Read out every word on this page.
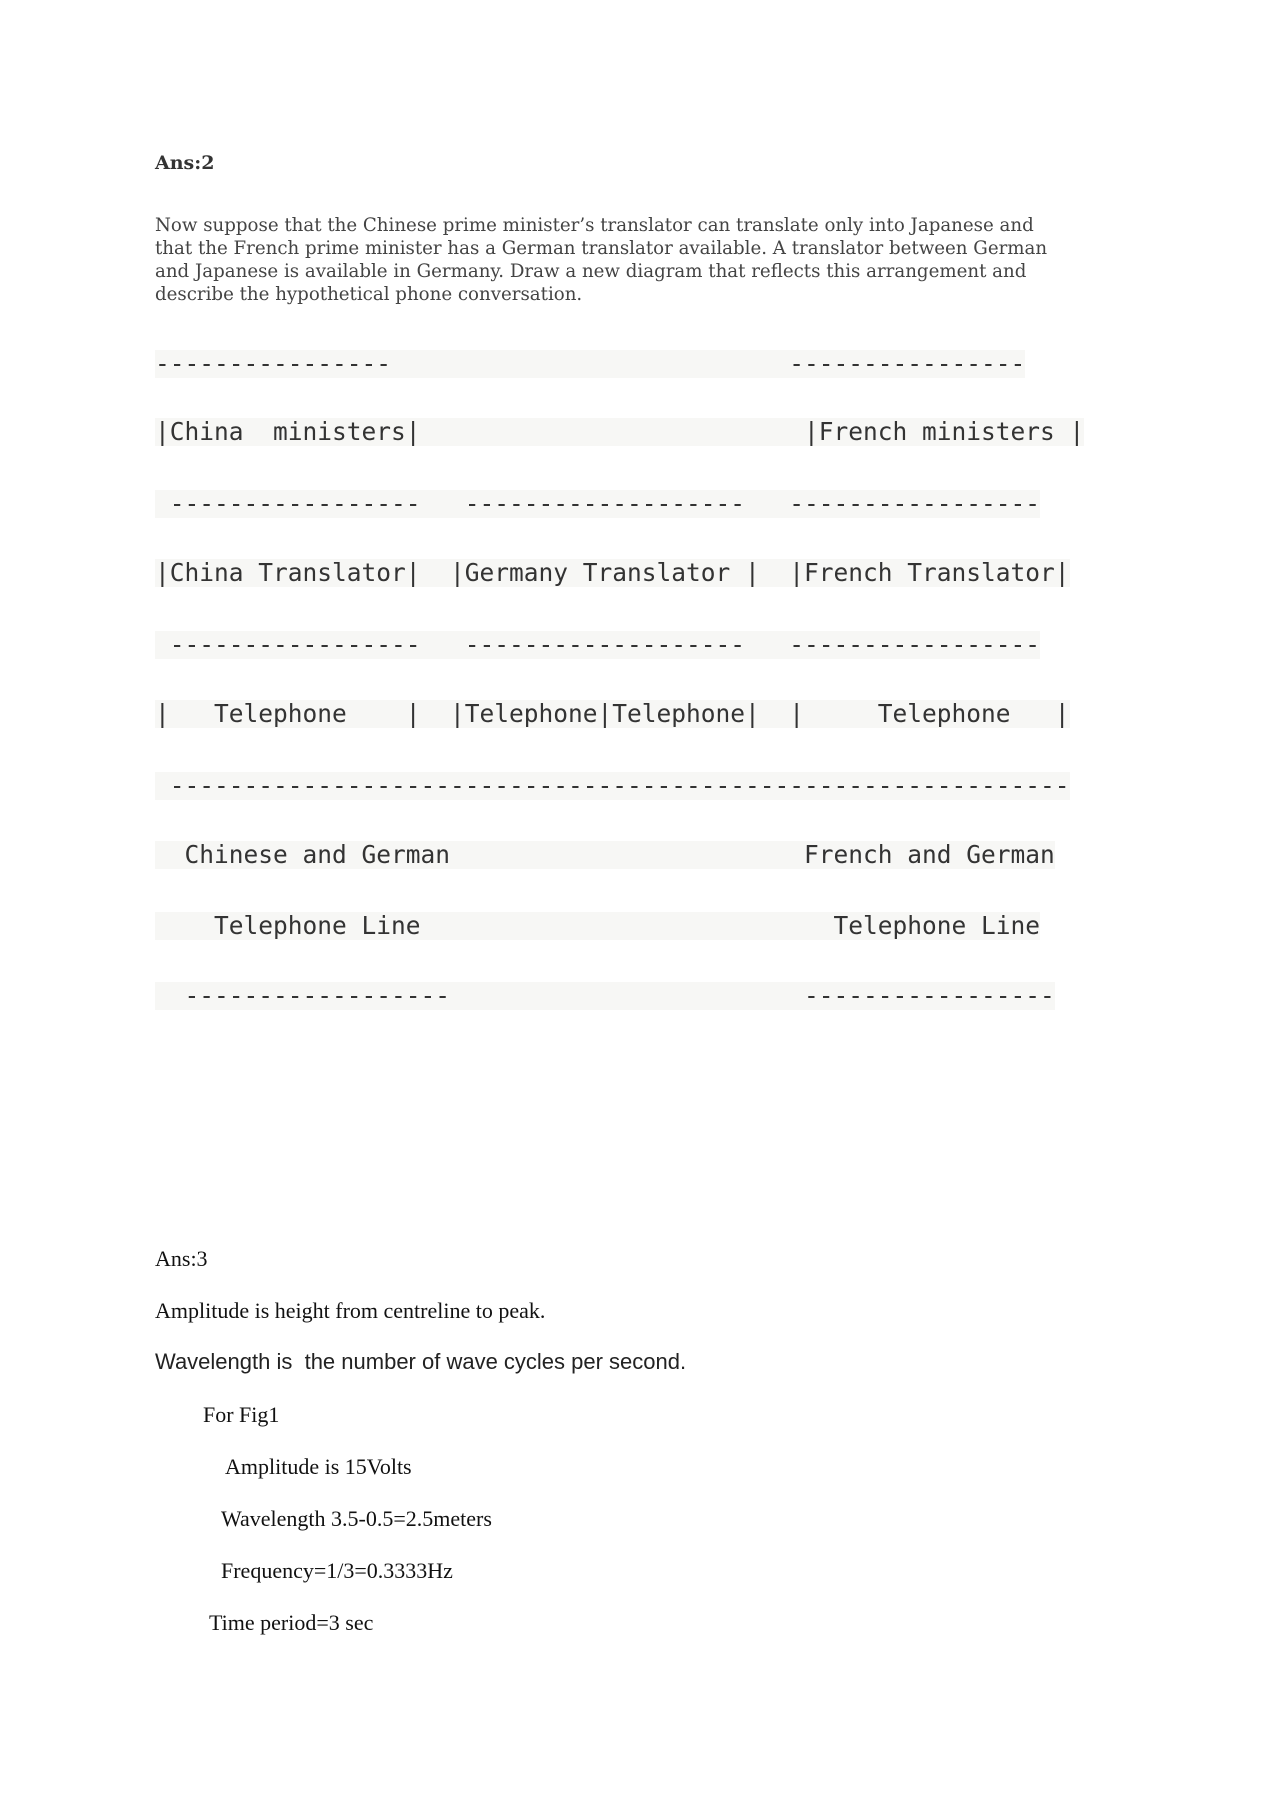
Ans:2
Now suppose that the Chinese prime minister’s translator can translate only into Japanese and
that the French prime minister has a German translator available. A translator between German
and Japanese is available in Germany. Draw a new diagram that reflects this arrangement and
describe the hypothetical phone conversation.
----------------                           ----------------
|China  ministers|                          |French ministers |
-----------------   -------------------   -----------------
|China Translator|  |Germany Translator |  |French Translator|
-----------------   -------------------   -----------------
|   Telephone    |  |Telephone|Telephone|  |     Telephone   |
-------------------------------------------------------------
Chinese and German                        French and German
Telephone Line                            Telephone Line
------------------                        -----------------
Ans:3
Amplitude is height from centreline to peak.
Wavelength is  the number of wave cycles per second.
For Fig1
Amplitude is 15Volts
Wavelength 3.5-0.5=2.5meters
Frequency=1/3=0.3333Hz
Time period=3 sec
